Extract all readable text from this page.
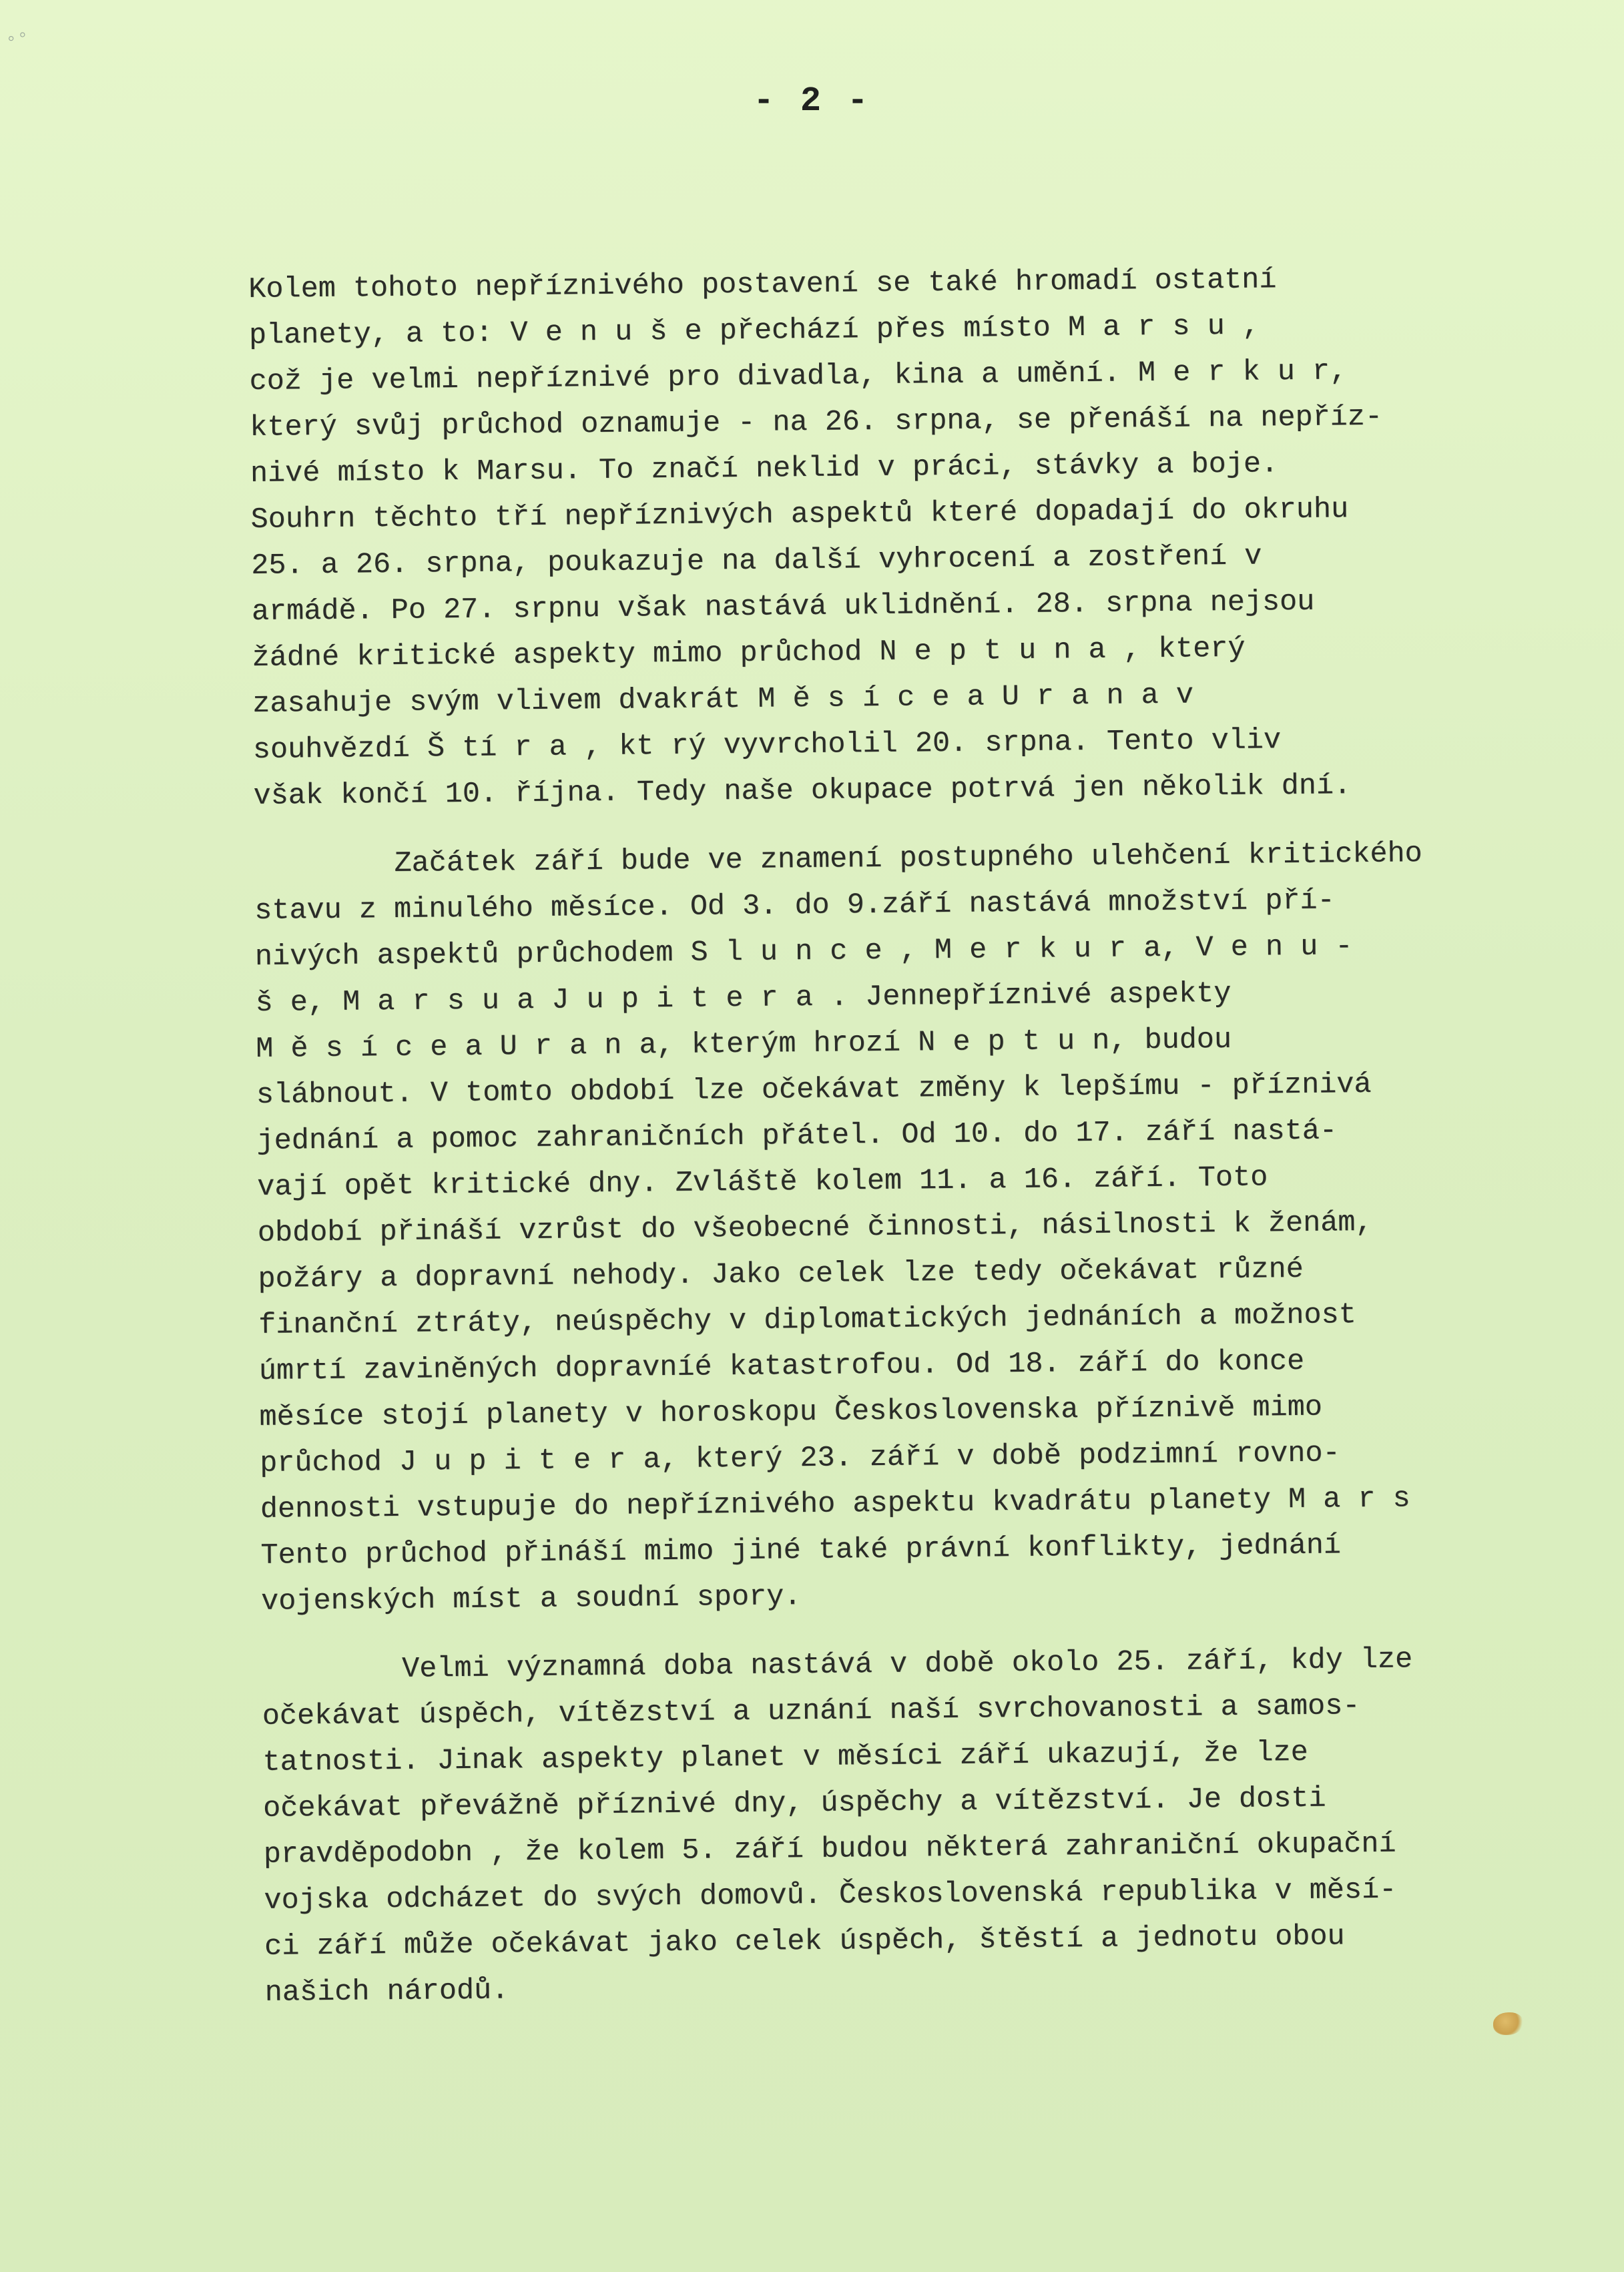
◦◦
- 2 -
Kolem tohoto nepříznivého postavení se také hromadí ostatní
planety, a to: V e n u š e přechází přes místo M a r s u ,
což je velmi nepříznivé pro divadla, kina a umění. M e r k u r,
který svůj průchod oznamuje - na 26. srpna, se přenáší na nepříz-
nivé místo k Marsu. To značí neklid v práci, stávky a boje.
Souhrn těchto tří nepříznivých aspektů které dopadají do okruhu
25. a 26. srpna, poukazuje na další vyhrocení a zostření v
armádě. Po 27. srpnu však nastává uklidnění. 28. srpna nejsou
žádné kritické aspekty mimo průchod N e p t u n a , který
zasahuje svým vlivem dvakrát M ě s í c e a U r a n a v
souhvězdí Š tí r a , kt rý vyvrcholil 20. srpna. Tento vliv
však končí 10. října. Tedy naše okupace potrvá jen několik dní.
Začátek září bude ve znamení postupného ulehčení kritického
stavu z minulého měsíce. Od 3. do 9.září nastává množství pří-
nivých aspektů průchodem S l u n c e , M e r k u r a, V e n u -
š e, M a r s u a J u p i t e r a . Jennepříznivé aspekty
M ě s í c e a U r a n a, kterým hrozí N e p t u n, budou
slábnout. V tomto období lze očekávat změny k lepšímu - příznivá
jednání a pomoc zahraničních přátel. Od 10. do 17. září nastá-
vají opět kritické dny. Zvláště kolem 11. a 16. září. Toto
období přináší vzrůst do všeobecné činnosti, násilnosti k ženám,
požáry a dopravní nehody. Jako celek lze tedy očekávat různé
finanční ztráty, neúspěchy v diplomatických jednáních a možnost
úmrtí zaviněných dopravníé katastrofou. Od 18. září do konce
měsíce stojí planety v horoskopu Československa příznivě mimo
průchod J u p i t e r a, který 23. září v době podzimní rovno-
dennosti vstupuje do nepříznivého aspektu kvadrátu planety M a r s
Tento průchod přináší mimo jiné také právní konflikty, jednání
vojenských míst a soudní spory.
Velmi významná doba nastává v době okolo 25. září, kdy lze
očekávat úspěch, vítězství a uznání naší svrchovanosti a samos-
tatnosti. Jinak aspekty planet v měsíci září ukazují, že lze
očekávat převážně příznivé dny, úspěchy a vítězství. Je dosti
pravděpodobn , že kolem 5. září budou některá zahraniční okupační
vojska odcházet do svých domovů. Československá republika v měsí-
ci září může očekávat jako celek úspěch, štěstí a jednotu obou
našich národů.
